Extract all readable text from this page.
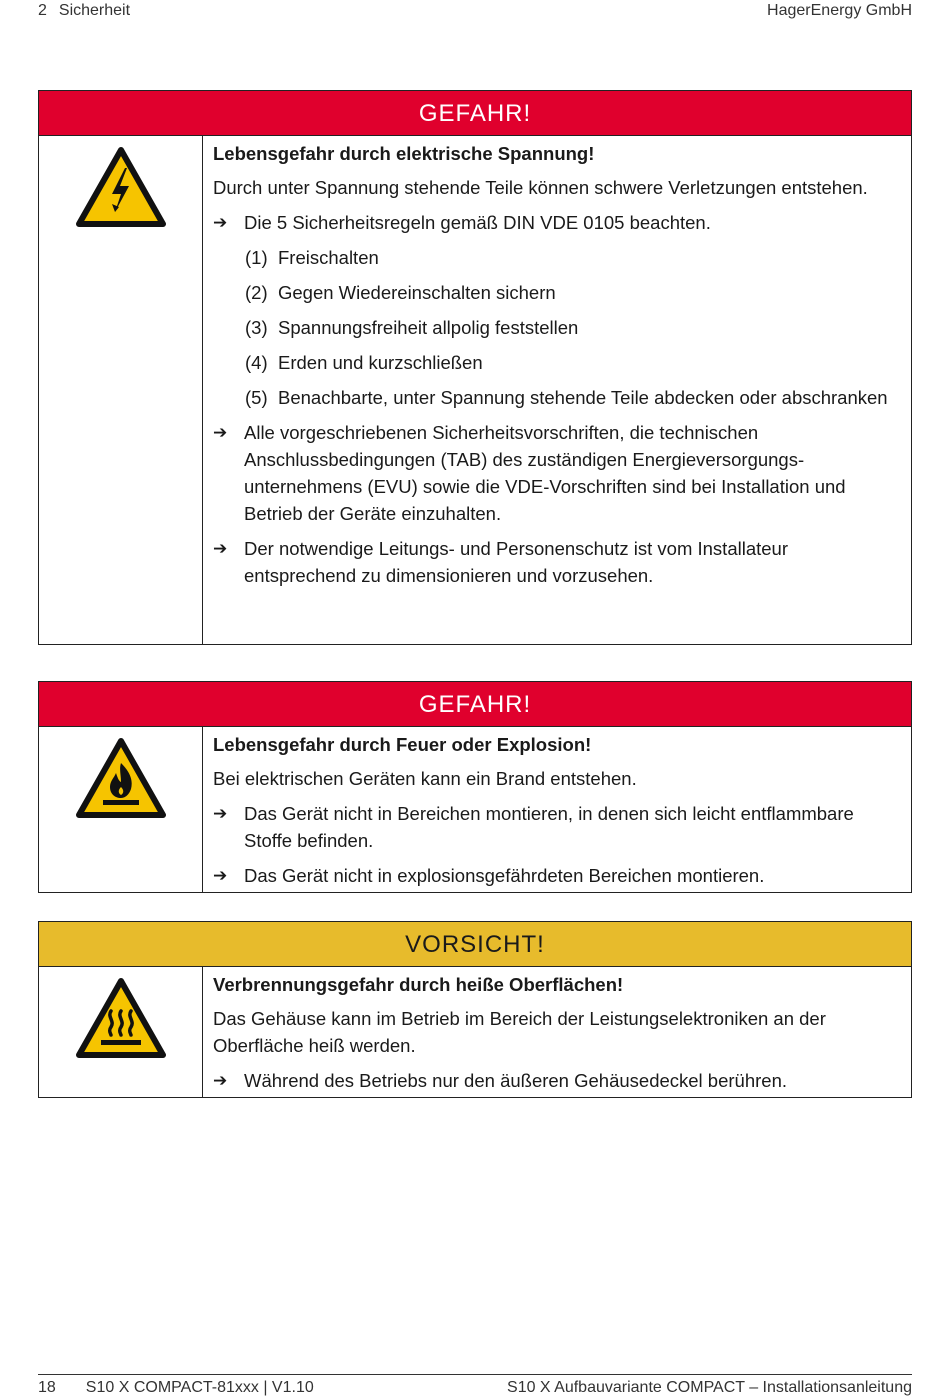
2 Sicherheit	HagerEnergy GmbH
GEFAHR!

Lebensgefahr durch elektrische Spannung!

Durch unter Spannung stehende Teile können schwere Verletzungen entstehen.

➔ Die 5 Sicherheitsregeln gemäß DIN VDE 0105 beachten.
(1) Freischalten
(2) Gegen Wiedereinschalten sichern
(3) Spannungsfreiheit allpolig feststellen
(4) Erden und kurzschließen
(5) Benachbarte, unter Spannung stehende Teile abdecken oder abschranken
➔ Alle vorgeschriebenen Sicherheitsvorschriften, die technischen Anschlussbedingungen (TAB) des zuständigen Energieversorgungs-unternehmens (EVU) sowie die VDE-Vorschriften sind bei Installation und Betrieb der Geräte einzuhalten.
➔ Der notwendige Leitungs- und Personenschutz ist vom Installateur entsprechend zu dimensionieren und vorzusehen.
GEFAHR!

Lebensgefahr durch Feuer oder Explosion!

Bei elektrischen Geräten kann ein Brand entstehen.

➔ Das Gerät nicht in Bereichen montieren, in denen sich leicht entflammbare Stoffe befinden.
➔ Das Gerät nicht in explosionsgefährdeten Bereichen montieren.
VORSICHT!

Verbrennungsgefahr durch heiße Oberflächen!

Das Gehäuse kann im Betrieb im Bereich der Leistungselektroniken an der Oberfläche heiß werden.

➔ Während des Betriebs nur den äußeren Gehäusedeckel berühren.
18 S10 X COMPACT-81xxx | V1.10	S10 X Aufbauvariante COMPACT – Installationsanleitung
